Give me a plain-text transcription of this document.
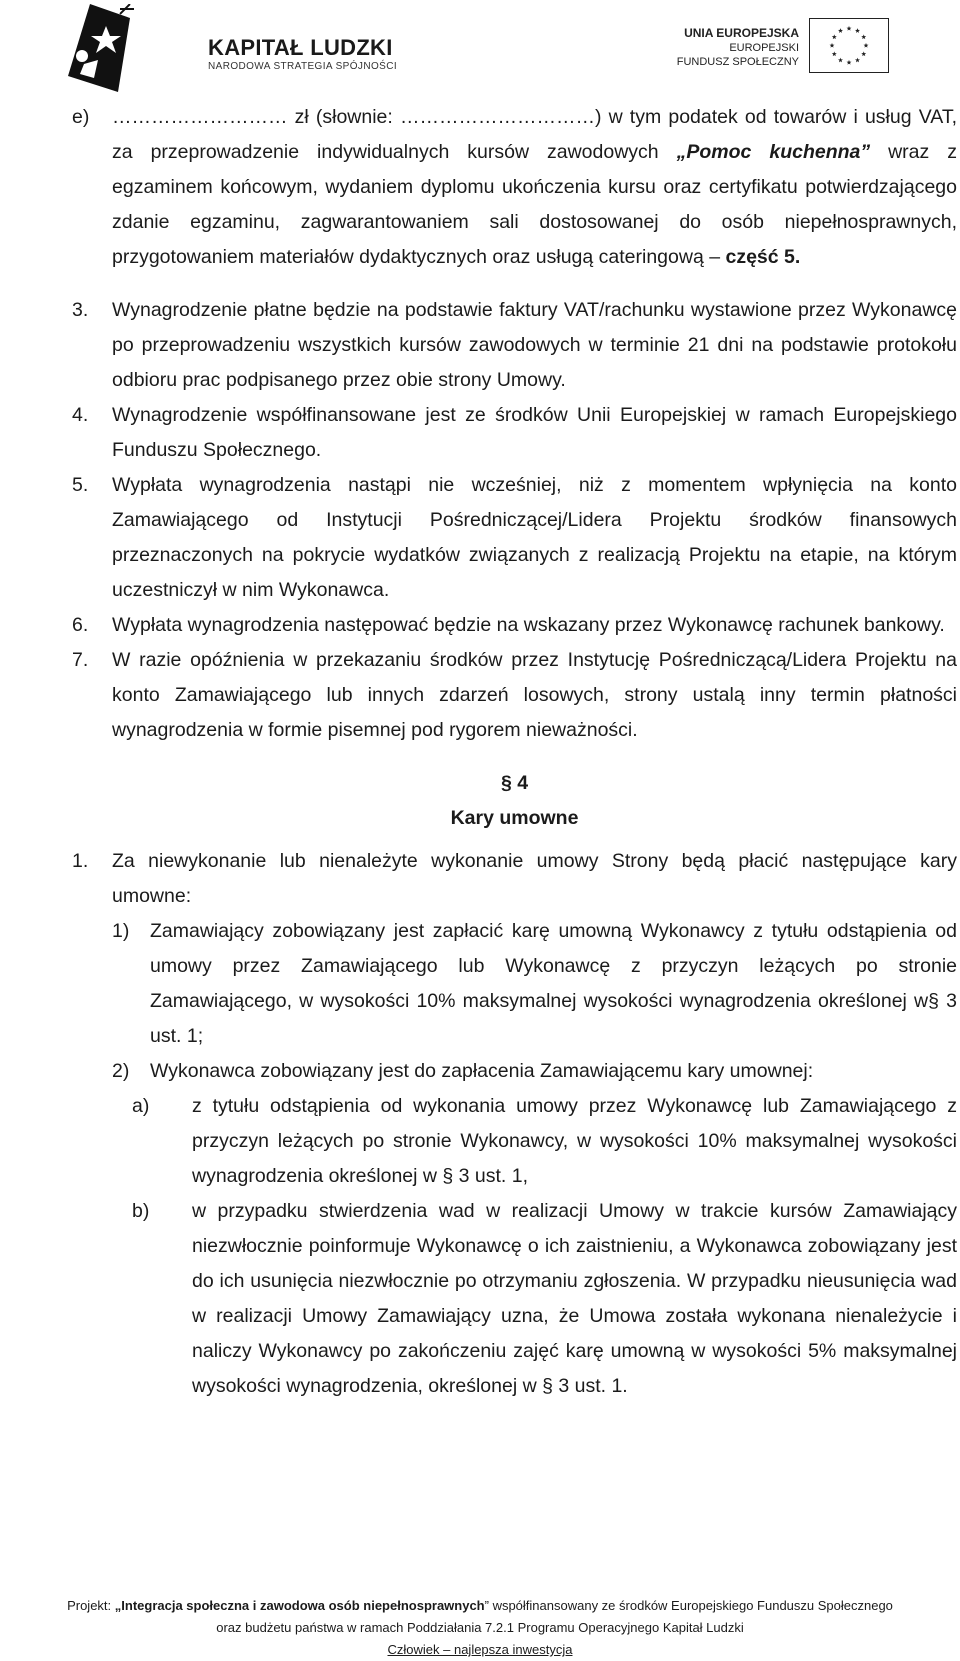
KAPITAŁ LUDZKI
NARODOWA STRATEGIA SPÓJNOŚCI
UNIA EUROPEJSKA
EUROPEJSKI
FUNDUSZ SPOŁECZNY
e) ……………………… zł (słownie: …………………………) w tym podatek od towarów i usług VAT, za przeprowadzenie indywidualnych kursów zawodowych „Pomoc kuchenna” wraz z egzaminem końcowym, wydaniem dyplomu ukończenia kursu oraz certyfikatu potwierdzającego zdanie egzaminu, zagwarantowaniem sali dostosowanej do osób niepełnosprawnych, przygotowaniem materiałów dydaktycznych oraz usługą cateringową – część 5.
3. Wynagrodzenie płatne będzie na podstawie faktury VAT/rachunku wystawione przez Wykonawcę po przeprowadzeniu wszystkich kursów zawodowych w terminie 21 dni na podstawie protokołu odbioru prac podpisanego przez obie strony Umowy.
4. Wynagrodzenie współfinansowane jest ze środków Unii Europejskiej w ramach Europejskiego Funduszu Społecznego.
5. Wypłata wynagrodzenia nastąpi nie wcześniej, niż z momentem wpłynięcia na konto Zamawiającego od Instytucji Pośredniczącej/Lidera Projektu środków finansowych przeznaczonych na pokrycie wydatków związanych z realizacją Projektu na etapie, na którym uczestniczył w nim Wykonawca.
6. Wypłata wynagrodzenia następować będzie na wskazany przez Wykonawcę rachunek bankowy.
7. W razie opóźnienia w przekazaniu środków przez Instytucję Pośredniczącą/Lidera Projektu na konto Zamawiającego lub innych zdarzeń losowych, strony ustalą inny termin płatności wynagrodzenia w formie pisemnej pod rygorem nieważności.
§ 4
Kary umowne
1. Za niewykonanie lub nienależyte wykonanie umowy Strony będą płacić następujące kary umowne:
1) Zamawiający zobowiązany jest zapłacić karę umowną Wykonawcy z tytułu odstąpienia od umowy przez Zamawiającego lub Wykonawcę z przyczyn leżących po stronie Zamawiającego, w wysokości 10% maksymalnej wysokości wynagrodzenia określonej w§ 3 ust. 1;
2) Wykonawca zobowiązany jest do zapłacenia Zamawiającemu kary umownej:
a) z tytułu odstąpienia od wykonania umowy przez Wykonawcę lub Zamawiającego z przyczyn leżących po stronie Wykonawcy, w wysokości 10% maksymalnej wysokości wynagrodzenia określonej w § 3 ust. 1,
b) w przypadku stwierdzenia wad w realizacji Umowy w trakcie kursów Zamawiający niezwłocznie poinformuje Wykonawcę o ich zaistnieniu, a Wykonawca zobowiązany jest do ich usunięcia niezwłocznie po otrzymaniu zgłoszenia. W przypadku nieusunięcia wad w realizacji Umowy Zamawiający uzna, że Umowa została wykonana nienależycie i naliczy Wykonawcy po zakończeniu zajęć karę umowną w wysokości 5% maksymalnej wysokości wynagrodzenia, określonej w § 3 ust. 1.
Projekt: „Integracja społeczna i zawodowa osób niepełnosprawnych” współfinansowany ze środków Europejskiego Funduszu Społecznego
oraz budżetu państwa w ramach Poddziałania 7.2.1 Programu Operacyjnego Kapitał Ludzki
Człowiek – najlepsza inwestycja
